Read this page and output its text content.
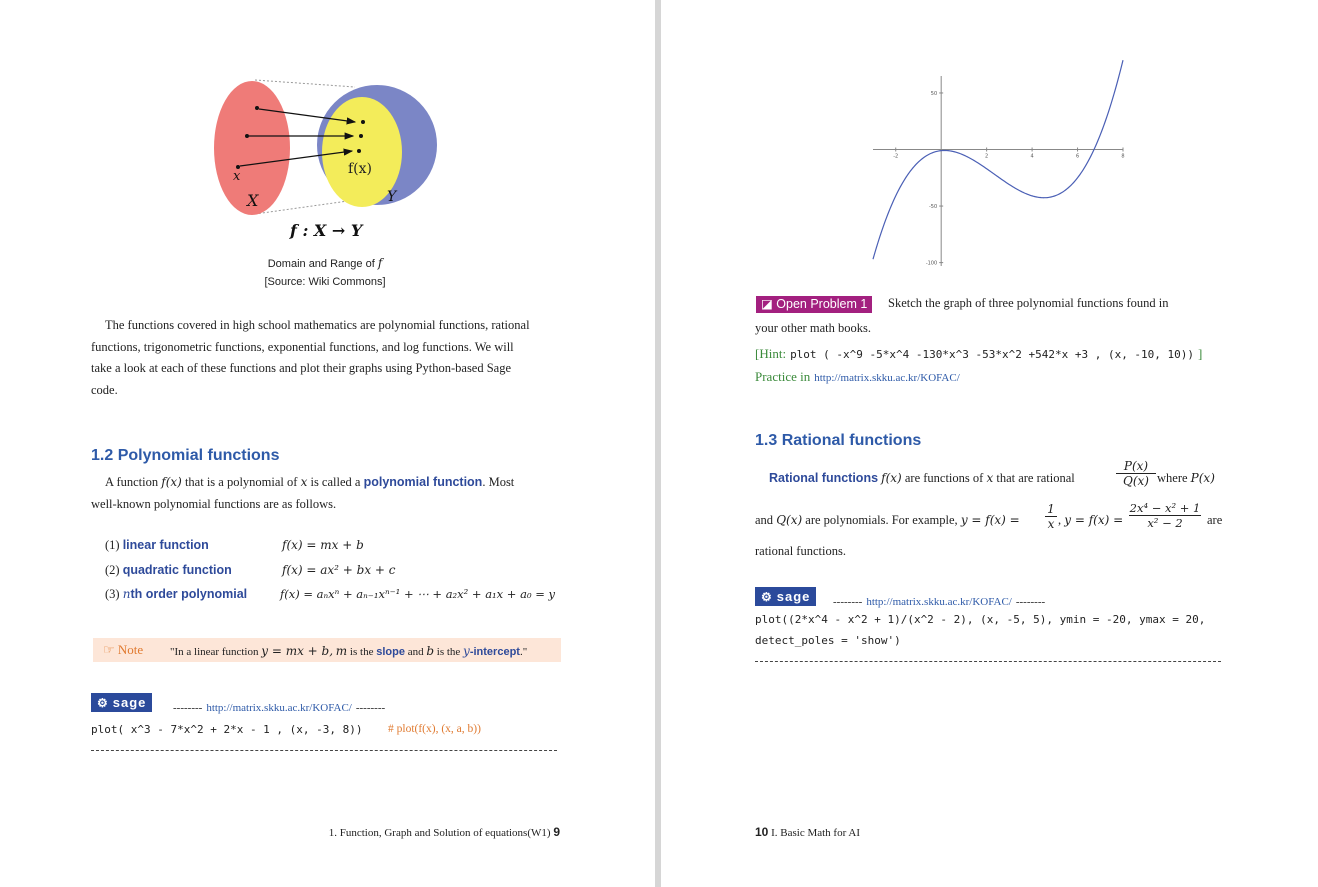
f(x)
x
X	Y
f : X → Y
Domain and Range of f
[Source: Wiki Commons]
The functions covered in high school mathematics are polynomial functions, rational
functions, trigonometric functions, exponential functions, and log functions. We will
take a look at each of these functions and plot their graphs using Python-based Sage
code.
1.2 Polynomial functions
A function f(x) that is a polynomial of x is called a polynomial function. Most
well-known polynomial functions are as follows.
(1) linear function	f(x) = mx + b
(2) quadratic function	f(x) = ax² + bx + c
(3) nth order polynomial	f(x) = aₙxⁿ + aₙ₋₁xⁿ⁻¹ + ⋯ + a₂x² + a₁x + a₀ = y
☞ Note "In a linear function y = mx + b, m is the slope and b is the y-intercept."
⚙ sage	-------- http://matrix.skku.ac.kr/KOFAC/ --------
plot( x^3 - 7*x^2 + 2*x - 1 , (x, -3, 8)) # plot(f(x), (x, a, b))
1. Function, Graph and Solution of equations(W1) 9
-2	2	4	6	8
50
-50
-100
◪ Open Problem 1	Sketch the graph of three polynomial functions found in
your other math books.
[Hint: plot ( -x^9 -5*x^4 -130*x^3 -53*x^2 +542*x +3 , (x, -10, 10)) ]
Practice in http://matrix.skku.ac.kr/KOFAC/
1.3 Rational functions
Rational functions f(x) are functions of x that are rational	$\frac{P(x)}{Q(x)}$ where P(x)
and Q(x) are polynomials. For example, $y = f(x) = \frac{1}{x}$ , $y = f(x) = \frac{\text{2x⁴ − x² + 1}}{\text{x² − 2}}$ are
rational functions.
⚙ sage	-------- http://matrix.skku.ac.kr/KOFAC/ --------
plot((2*x^4 - x^2 + 1)/(x^2 - 2), (x, -5, 5), ymin = -20, ymax = 20,
detect_poles = 'show')
10 I. Basic Math for AI
